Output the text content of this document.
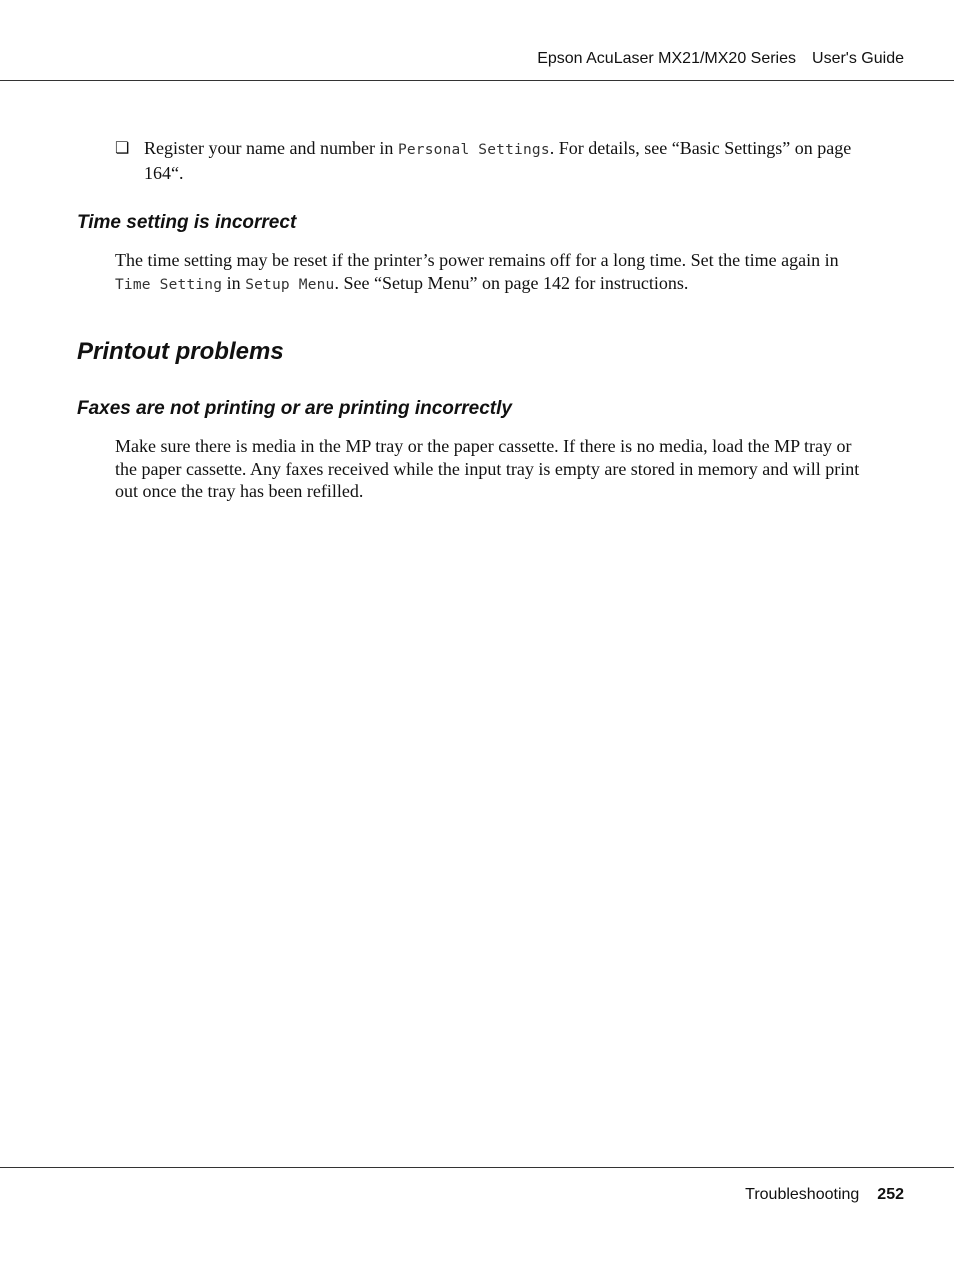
Epson AcuLaser MX21/MX20 Series User's Guide
❏ Register your name and number in Personal Settings. For details, see “Basic Settings” on page 164“.
Time setting is incorrect
The time setting may be reset if the printer’s power remains off for a long time. Set the time again in Time Setting in Setup Menu. See “Setup Menu” on page 142 for instructions.
Printout problems
Faxes are not printing or are printing incorrectly
Make sure there is media in the MP tray or the paper cassette. If there is no media, load the MP tray or the paper cassette. Any faxes received while the input tray is empty are stored in memory and will print out once the tray has been refilled.
Troubleshooting 252
